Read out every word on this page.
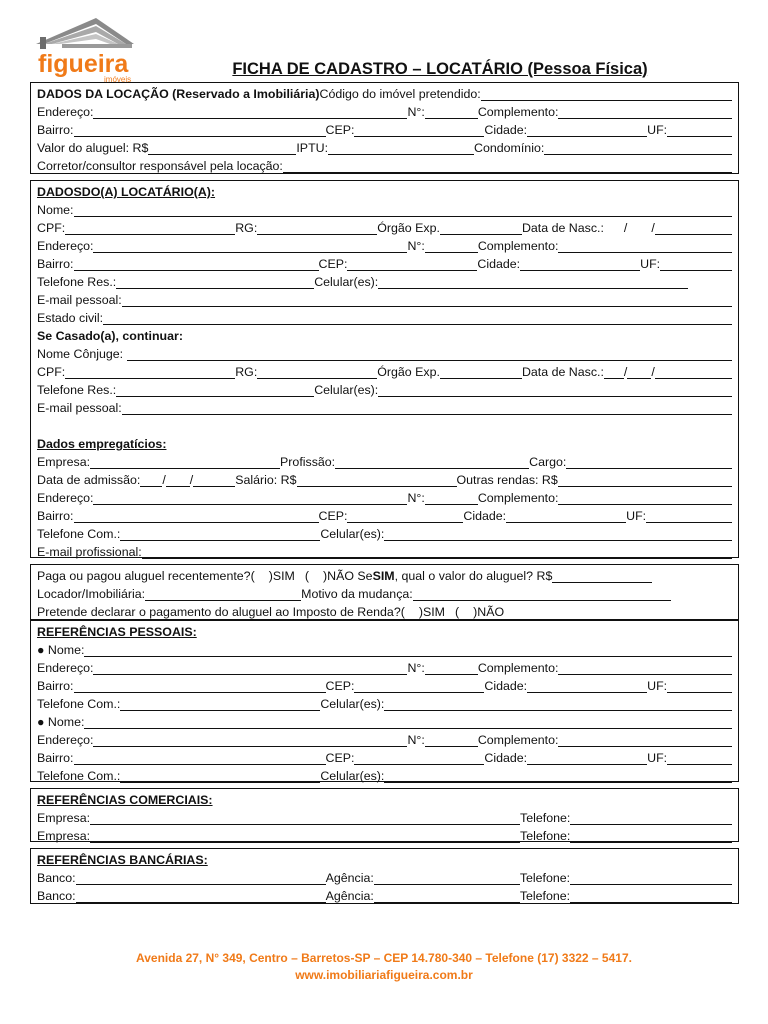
figueira
imóveis
FICHA DE CADASTRO – LOCATÁRIO (Pessoa Física)
DADOS DA LOCAÇÃO (Reservado a Imobiliária) Código do imóvel pretendido:
Endereço:	N°:	Complemento:
Bairro:	CEP:	Cidade:	UF:
Valor do aluguel: R$	IPTU:	Condomínio:
Corretor/consultor responsável pela locação:
DADOSDO(A) LOCATÁRIO(A):
Nome:
CPF:	RG:	Órgão Exp.	Data de Nasc.: / /
Endereço:	N°:	Complemento:
Bairro:	CEP:	Cidade:	UF:
Telefone Res.:	Celular(es):
E-mail pessoal:
Estado civil:
Se Casado(a), continuar:
Nome Cônjuge:
CPF:	RG:	Órgão Exp.	Data de Nasc.: / /
Telefone Res.:	Celular(es):
E-mail pessoal:
Dados empregatícios:
Empresa:	Profissão:	Cargo:
Data de admissão: / /	Salário: R$	Outras rendas: R$
Endereço:	N°:	Complemento:
Bairro:	CEP:	Cidade:	UF:
Telefone Com.:	Celular(es):
E-mail profissional:
Paga ou pagou aluguel recentemente?( )SIM ( )NÃO Se SIM , qual o valor do aluguel? R$
Locador/Imobiliária:	Motivo da mudança:
Pretende declarar o pagamento do aluguel ao Imposto de Renda?( )SIM ( )NÃO
REFERÊNCIAS PESSOAIS:
● Nome:
Endereço:	N°:	Complemento:
Bairro:	CEP:	Cidade:	UF:
Telefone Com.:	Celular(es):
● Nome:
Endereço:	N°:	Complemento:
Bairro:	CEP:	Cidade:	UF:
Telefone Com.:	Celular(es):
REFERÊNCIAS COMERCIAIS:
Empresa:	Telefone:
Empresa:	Telefone:
REFERÊNCIAS BANCÁRIAS:
Banco:	Agência:	Telefone:
Banco:	Agência:	Telefone:
Avenida 27, N° 349, Centro – Barretos-SP – CEP 14.780-340 – Telefone (17) 3322 – 5417.
www.imobiliariafigueira.com.br
